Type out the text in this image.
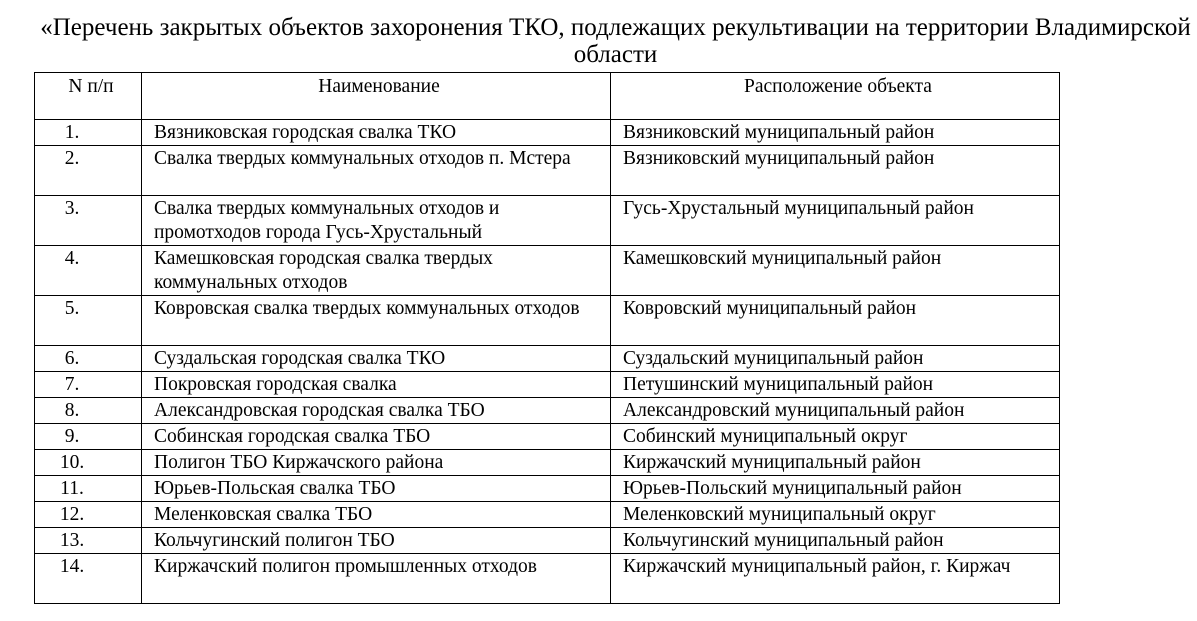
«Перечень закрытых объектов захоронения ТКО, подлежащих рекультивации на территории Владимирской области
N п/п	Наименование	Расположение объекта
1.	Вязниковская городская свалка ТКО	Вязниковский муниципальный район
2.	Свалка твердых коммунальных отходов п. Мстера	Вязниковский муниципальный район
3.	Свалка твердых коммунальных отходов и промотходов города Гусь-Хрустальный	Гусь-Хрустальный муниципальный район
4.	Камешковская городская свалка твердых коммунальных отходов	Камешковский муниципальный район
5.	Ковровская свалка твердых коммунальных отходов	Ковровский муниципальный район
6.	Суздальская городская свалка ТКО	Суздальский муниципальный район
7.	Покровская городская свалка	Петушинский муниципальный район
8.	Александровская городская свалка ТБО	Александровский муниципальный район
9.	Собинская городская свалка ТБО	Собинский муниципальный округ
10.	Полигон ТБО Киржачского района	Киржачский муниципальный район
11.	Юрьев-Польская свалка ТБО	Юрьев-Польский муниципальный район
12.	Меленковская свалка ТБО	Меленковский муниципальный округ
13.	Кольчугинский полигон ТБО	Кольчугинский муниципальный район
14.	Киржачский полигон промышленных отходов	Киржачский муниципальный район, г. Киржач
